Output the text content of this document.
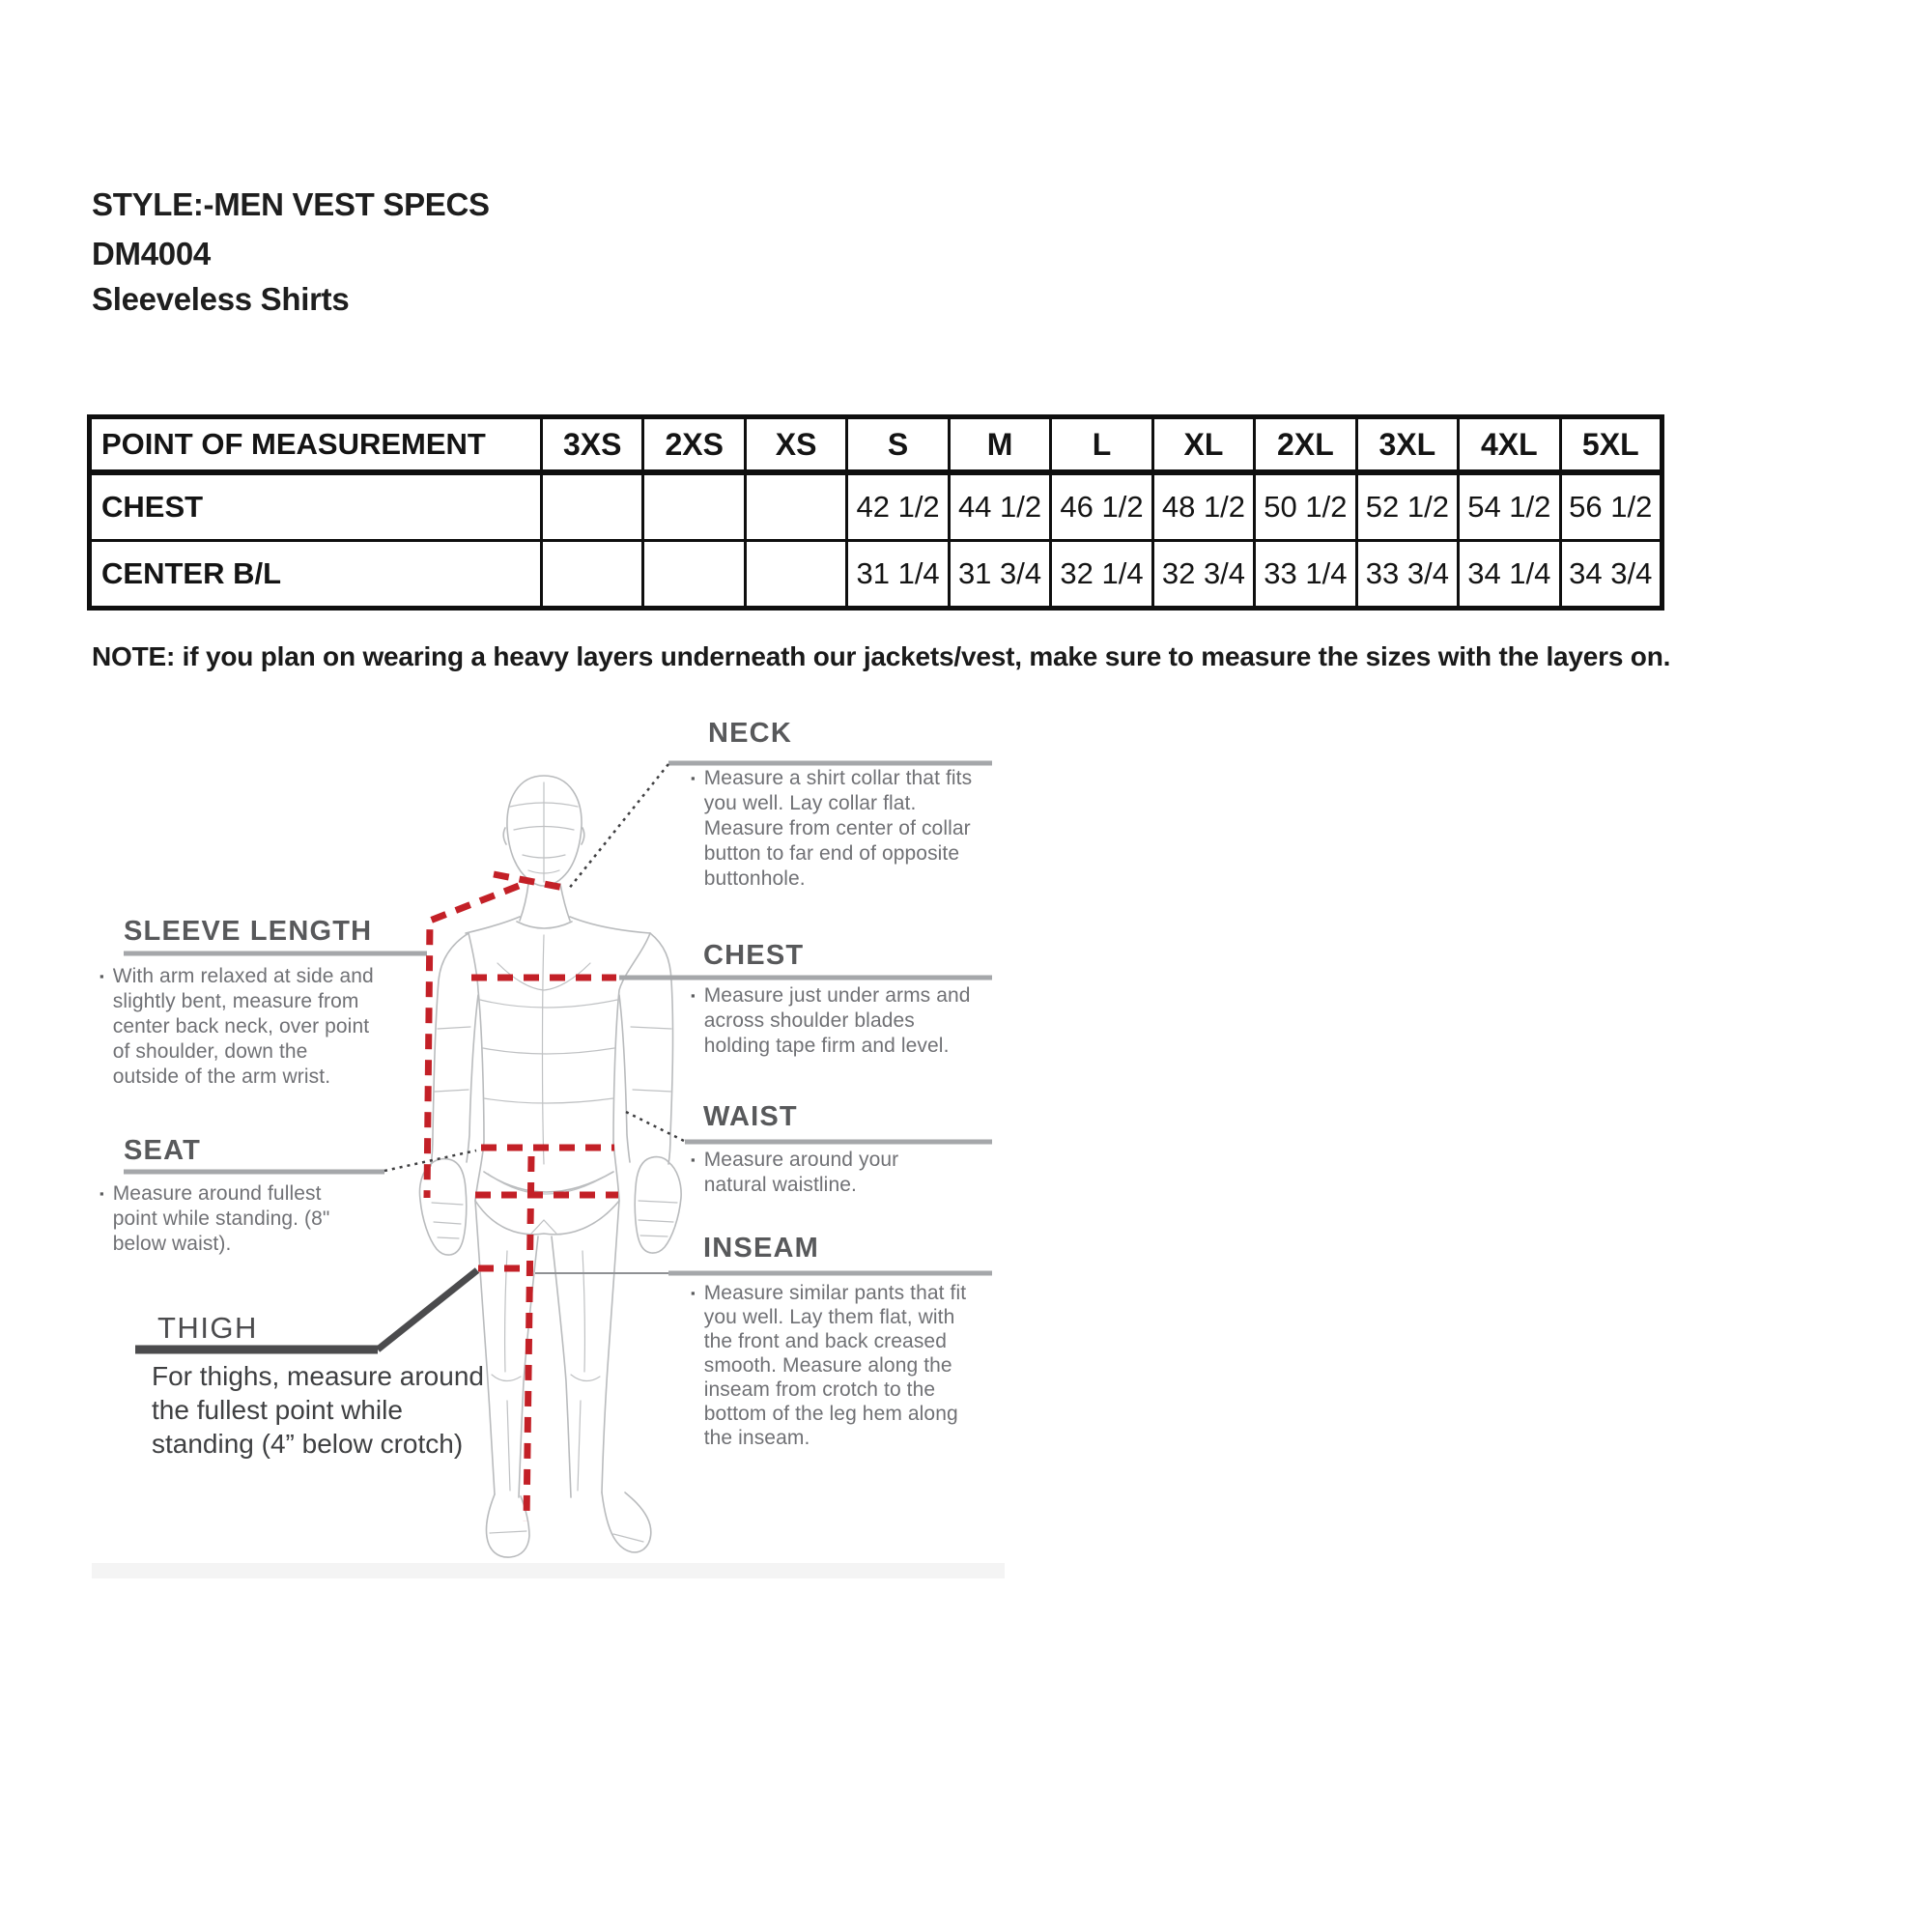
STYLE:-MEN VEST SPECS
DM4004
Sleeveless Shirts
POINT OF MEASUREMENT	3XS	2XS	XS	S	M	L	XL	2XL	3XL	4XL	5XL
CHEST				42 1/2	44 1/2	46 1/2	48 1/2	50 1/2	52 1/2	54 1/2	56 1/2
CENTER B/L				31 1/4	31 3/4	32 1/4	32 3/4	33 1/4	33 3/4	34 1/4	34 3/4
NOTE: if you plan on wearing a heavy layers underneath our jackets/vest, make sure to measure the sizes with the layers on.
NECK
▪ Measure a shirt collar that fits you well. Lay collar flat. Measure from center of collar button to far end of opposite buttonhole.
CHEST
▪ Measure just under arms and across shoulder blades holding tape firm and level.
WAIST
▪ Measure around your natural waistline.
INSEAM
▪ Measure similar pants that fit you well. Lay them flat, with the front and back creased smooth. Measure along the inseam from crotch to the bottom of the leg hem along the inseam.
SLEEVE LENGTH
▪ With arm relaxed at side and slightly bent, measure from center back neck, over point of shoulder, down the outside of the arm wrist.
SEAT
▪ Measure around fullest point while standing. (8" below waist).
THIGH
For thighs, measure around the fullest point while standing (4” below crotch)
